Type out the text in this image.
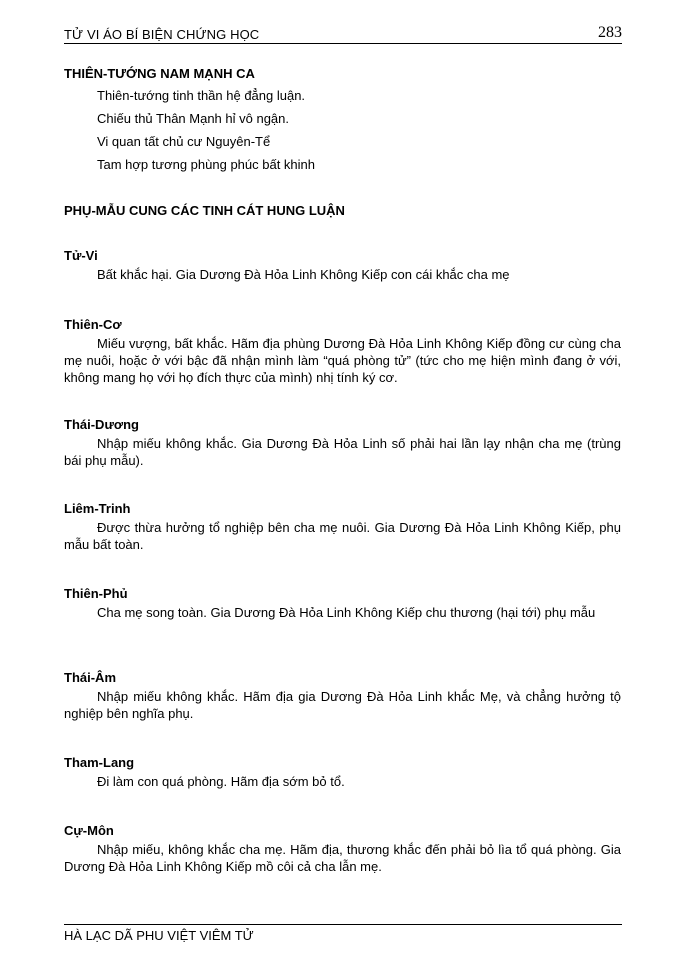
TỬ VI ÁO BÍ BIỆN CHỨNG HỌC	283

THIÊN-TƯỚNG NAM MẠNH CA

Thiên-tướng tinh thần hệ đẳng luận.

Chiếu thủ Thân Mạnh hỉ vô ngận.

Vi quan tất chủ cư Nguyên-Tể

Tam hợp tương phùng phúc bất khinh

PHỤ-MẪU CUNG CÁC TINH CÁT HUNG LUẬN

Tử-Vi

Bất khắc hại. Gia Dương Đà Hỏa Linh Không Kiếp con cái khắc cha mẹ

Thiên-Cơ

Miếu vượng, bất khắc. Hãm địa phùng Dương Đà Hỏa Linh Không Kiếp đồng cư cùng cha mẹ nuôi, hoặc ở với bậc đã nhận mình làm “quá phòng tử” (tức cho mẹ hiện mình đang ở với, không mang họ với họ đích thực của mình) nhị tính ký cơ.

Thái-Dương

Nhập miếu không khắc. Gia Dương Đà Hỏa Linh số phải hai lần lạy nhận cha mẹ (trùng bái phụ mẫu).

Liêm-Trinh

Được thừa hưởng tổ nghiệp bên cha mẹ nuôi. Gia Dương Đà Hỏa Linh Không Kiếp, phụ mẫu bất toàn.

Thiên-Phủ

Cha mẹ song toàn. Gia Dương Đà Hỏa Linh Không Kiếp chu thương (hại tới) phụ mẫu

Thái-Âm

Nhập miếu không khắc. Hãm địa gia Dương Đà Hỏa Linh khắc Mẹ, và chẳng hưởng tộ nghiệp bên nghĩa phụ.

Tham-Lang

Đi làm con quá phòng. Hãm địa sớm bỏ tổ.

Cự-Môn

Nhập miếu, không khắc cha mẹ. Hãm địa, thương khắc đến phải bỏ lìa tổ quá phòng. Gia Dương Đà Hỏa Linh Không Kiếp mồ côi cả cha lẫn mẹ.

HÀ LẠC DÃ PHU VIỆT VIÊM TỬ
